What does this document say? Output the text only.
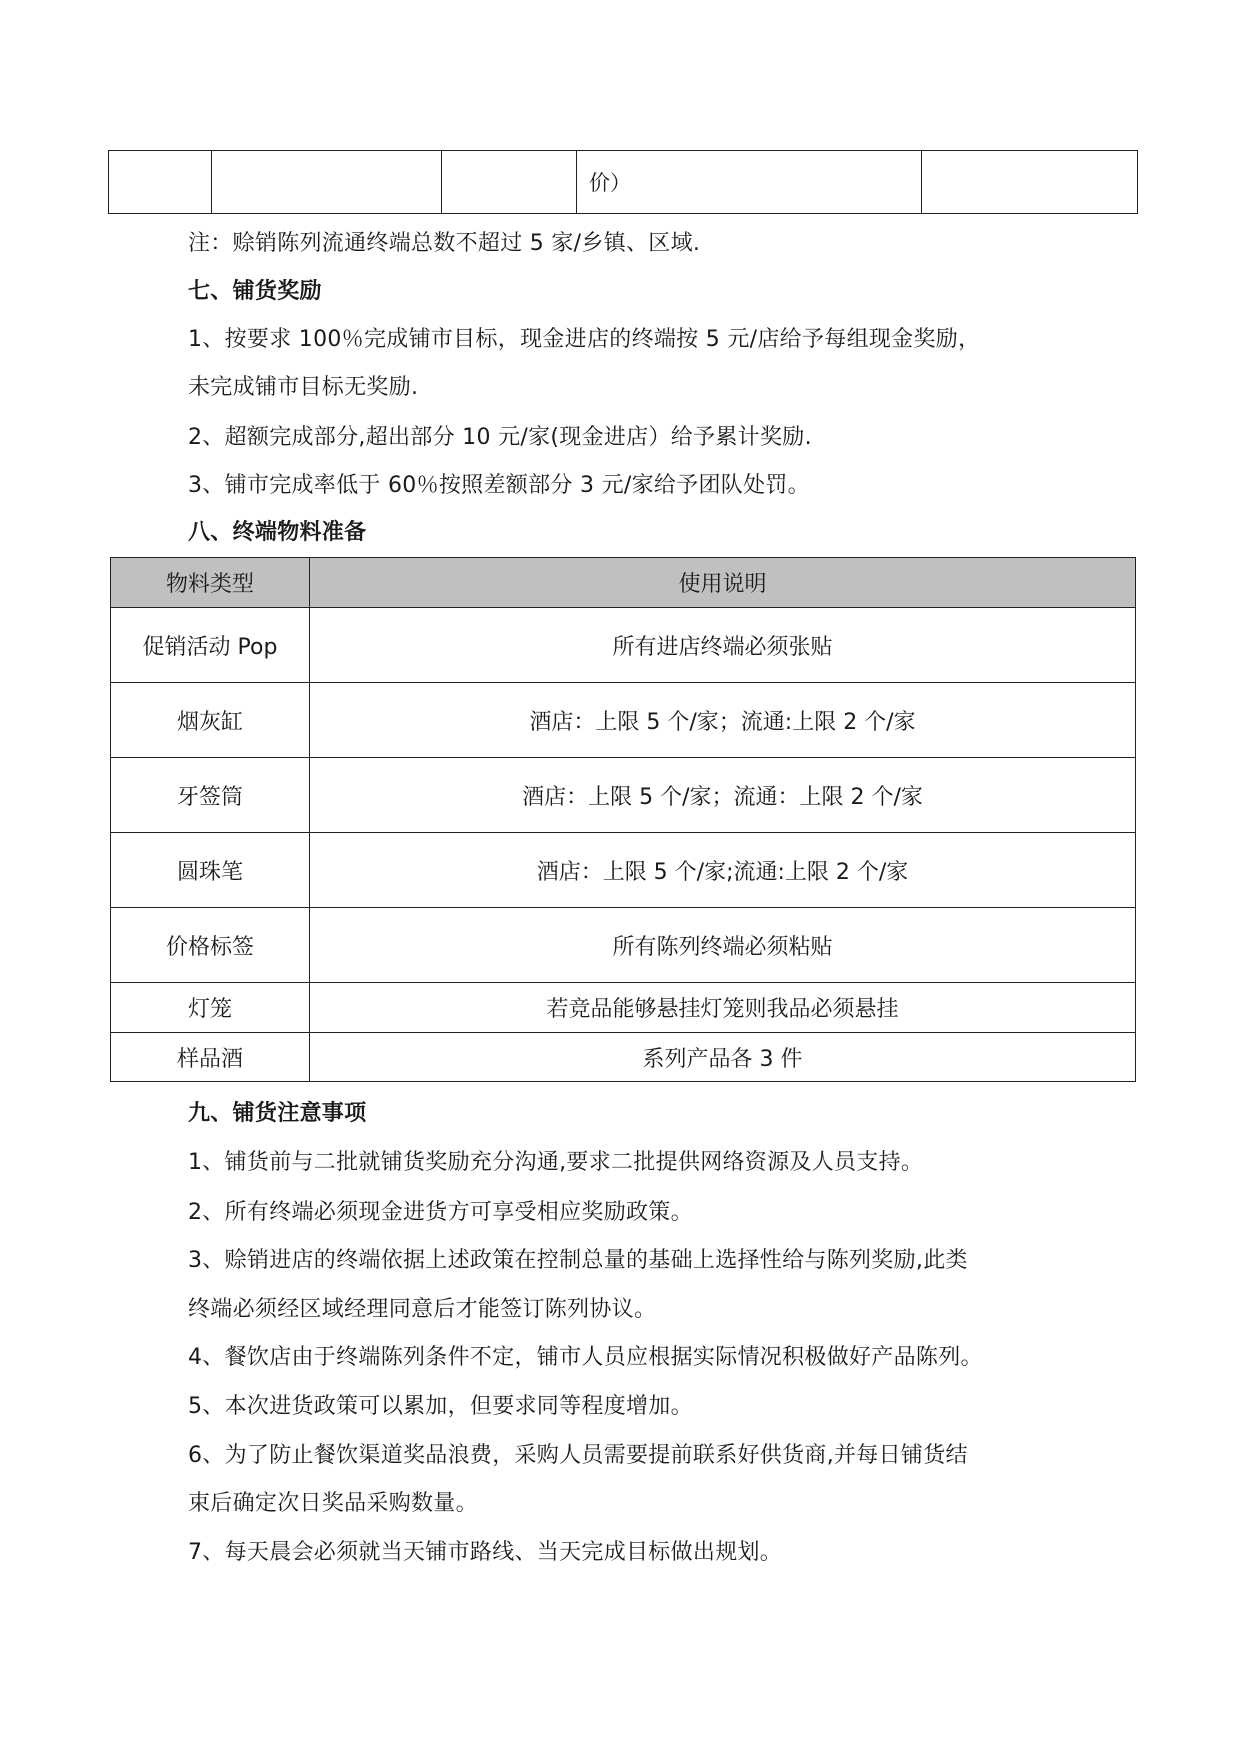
			价）	
注：赊销陈列流通终端总数不超过 5 家/乡镇、区域.
七、铺货奖励
1、按要求 100％完成铺市目标，现金进店的终端按 5 元/店给予每组现金奖励，
未完成铺市目标无奖励.
2、超额完成部分,超出部分 10 元/家(现金进店）给予累计奖励.
3、铺市完成率低于 60％按照差额部分 3 元/家给予团队处罚。
八、终端物料准备
物料类型	使用说明
促销活动 Pop	所有进店终端必须张贴
烟灰缸	酒店：上限 5 个/家；流通:上限 2 个/家
牙签筒	酒店：上限 5 个/家；流通：上限 2 个/家
圆珠笔	酒店：上限 5 个/家;流通:上限 2 个/家
价格标签	所有陈列终端必须粘贴
灯笼	若竞品能够悬挂灯笼则我品必须悬挂
样品酒	系列产品各 3 件
九、铺货注意事项
1、铺货前与二批就铺货奖励充分沟通,要求二批提供网络资源及人员支持。
2、所有终端必须现金进货方可享受相应奖励政策。
3、赊销进店的终端依据上述政策在控制总量的基础上选择性给与陈列奖励,此类
终端必须经区域经理同意后才能签订陈列协议。
4、餐饮店由于终端陈列条件不定，铺市人员应根据实际情况积极做好产品陈列。
5、本次进货政策可以累加，但要求同等程度增加。
6、为了防止餐饮渠道奖品浪费，采购人员需要提前联系好供货商,并每日铺货结
束后确定次日奖品采购数量。
7、每天晨会必须就当天铺市路线、当天完成目标做出规划。
